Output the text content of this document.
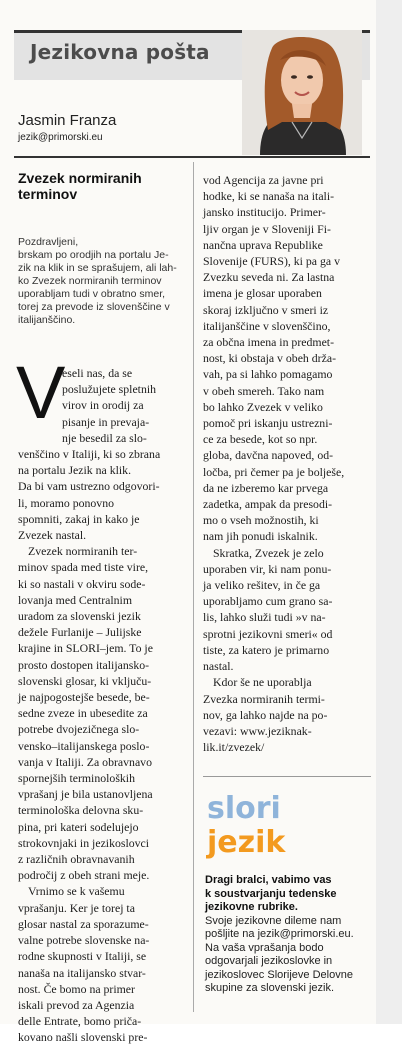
Jezikovna pošta
Jasmin Franza
jezik@primorski.eu
Zvezek normiranih
terminov
Pozdravljeni,
brskam po orodjih na portalu Je-
zik na klik in se sprašujem, ali lah-
ko Zvezek normiranih terminov
uporabljam tudi v obratno smer,
torej za prevode iz slovenščine v
italijanščino.
V
eseli nas, da se
poslužujete spletnih
virov in orodij za
pisanje in prevaja-
nje besedil za slo-
venščino v Italiji, ki so zbrana
na portalu Jezik na klik.
Da bi vam ustrezno odgovori-
li, moramo ponovno
spomniti, zakaj in kako je
Zvezek nastal.
Zvezek normiranih ter-
minov spada med tiste vire,
ki so nastali v okviru sode-
lovanja med Centralnim
uradom za slovenski jezik
dežele Furlanije – Julijske
krajine in SLORI–jem. To je
prosto dostopen italijansko-
slovenski glosar, ki vključu-
je najpogostejše besede, be-
sedne zveze in ubesedite za
potrebe dvojezičnega slo-
vensko–italijanskega poslo-
vanja v Italiji. Za obravnavo
spornejših terminoloških
vprašanj je bila ustanovljena
terminološka delovna sku-
pina, pri kateri sodelujejo
strokovnjaki in jezikoslovci
z različnih obravnavanih
področij z obeh strani meje.
Vrnimo se k vašemu
vprašanju. Ker je torej ta
glosar nastal za sporazume-
valne potrebe slovenske na-
rodne skupnosti v Italiji, se
nanaša na italijansko stvar-
nost. Če bomo na primer
iskali prevod za Agenzia
delle Entrate, bomo priča-
kovano našli slovenski pre-
vod Agencija za javne pri
hodke, ki se nanaša na itali-
jansko institucijo. Primer-
ljiv organ je v Sloveniji Fi-
nančna uprava Republike
Slovenije (FURS), ki pa ga v
Zvezku seveda ni. Za lastna
imena je glosar uporaben
skoraj izključno v smeri iz
italijanščine v slovenščino,
za občna imena in predmet-
nost, ki obstaja v obeh drža-
vah, pa si lahko pomagamo
v obeh smereh. Tako nam
bo lahko Zvezek v veliko
pomoč pri iskanju ustrezni-
ce za besede, kot so npr.
globa, davčna napoved, od-
ločba, pri čemer pa je bolješe,
da ne izberemo kar prvega
zadetka, ampak da presodi-
mo o vseh možnostih, ki
nam jih ponudi iskalnik.
Skratka, Zvezek je zelo
uporaben vir, ki nam ponu-
ja veliko rešitev, in če ga
uporabljamo cum grano sa-
lis, lahko služi tudi »v na-
sprotni jezikovni smeri« od
tiste, za katero je primarno
nastal.
Kdor še ne uporablja
Zvezka normiranih termi-
nov, ga lahko najde na po-
vezavi: www.jeziknak-
lik.it/zvezek/
slori
jezik
Dragi bralci, vabimo vas
k soustvarjanju tedenske
jezikovne rubrike.
Svoje jezikovne dileme nam
pošljite na jezik@primorski.eu.
Na vaša vprašanja bodo
odgovarjali jezikoslovke in
jezikoslovec Slorijeve Delovne
skupine za slovenski jezik.
